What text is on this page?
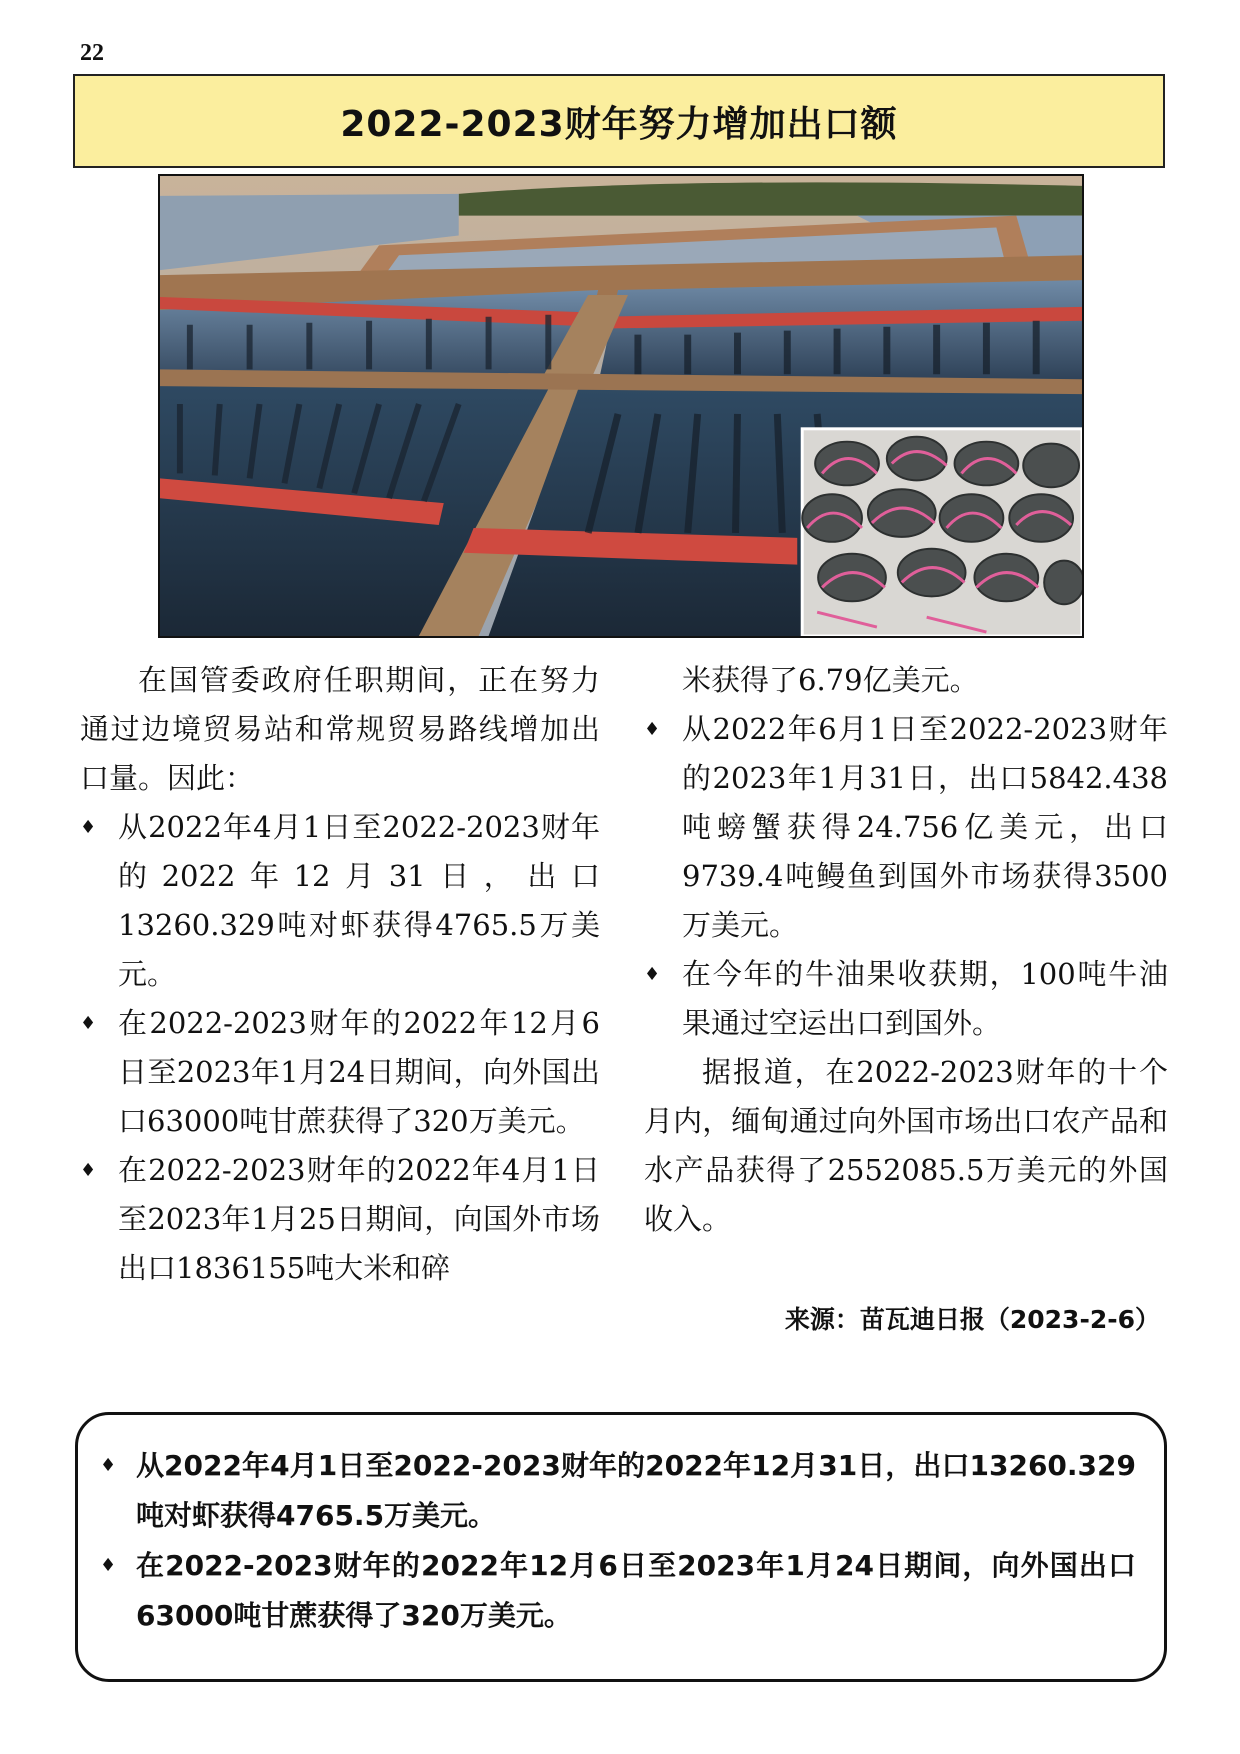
22
2022-2023财年努力增加出口额

在国管委政府任职期间，正在努力通过边境贸易站和常规贸易路线增加出口量。因此：

♦ 从2022年4月1日至2022-2023财年的2022年12月31日，出口13260.329吨对虾获得4765.5万美元。
♦ 在2022-2023财年的2022年12月6日至2023年1月24日期间，向外国出口63000吨甘蔗获得了320万美元。
♦ 在2022-2023财年的2022年4月1日至2023年1月25日期间，向国外市场出口1836155吨大米和碎

米获得了6.79亿美元。

♦ 从2022年6月1日至2022-2023财年的2023年1月31日，出口5842.438吨螃蟹获得24.756亿美元，出口9739.4吨鳗鱼到国外市场获得3500万美元。
♦ 在今年的牛油果收获期，100吨牛油果通过空运出口到国外。

据报道，在2022-2023财年的十个月内，缅甸通过向外国市场出口农产品和水产品获得了2552085.5万美元的外国收入。

来源：苗瓦迪日报（2023-2-6）
♦ 从2022年4月1日至2022-2023财年的2022年12月31日，出口13260.329吨对虾获得4765.5万美元。
♦ 在2022-2023财年的2022年12月6日至2023年1月24日期间，向外国出口63000吨甘蔗获得了320万美元。
